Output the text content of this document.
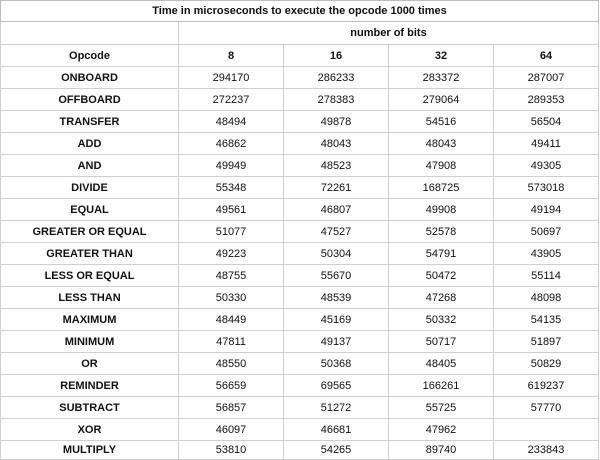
Time in microseconds to execute the opcode 1000 times				
	number of bits			
Opcode	8	16	32	64
ONBOARD	294170	286233	283372	287007
OFFBOARD	272237	278383	279064	289353
TRANSFER	48494	49878	54516	56504
ADD	46862	48043	48043	49411
AND	49949	48523	47908	49305
DIVIDE	55348	72261	168725	573018
EQUAL	49561	46807	49908	49194
GREATER OR EQUAL	51077	47527	52578	50697
GREATER THAN	49223	50304	54791	43905
LESS OR EQUAL	48755	55670	50472	55114
LESS THAN	50330	48539	47268	48098
MAXIMUM	48449	45169	50332	54135
MINIMUM	47811	49137	50717	51897
OR	48550	50368	48405	50829
REMINDER	56659	69565	166261	619237
SUBTRACT	56857	51272	55725	57770
XOR	46097	46681	47962	
MULTIPLY	53810	54265	89740	233843
